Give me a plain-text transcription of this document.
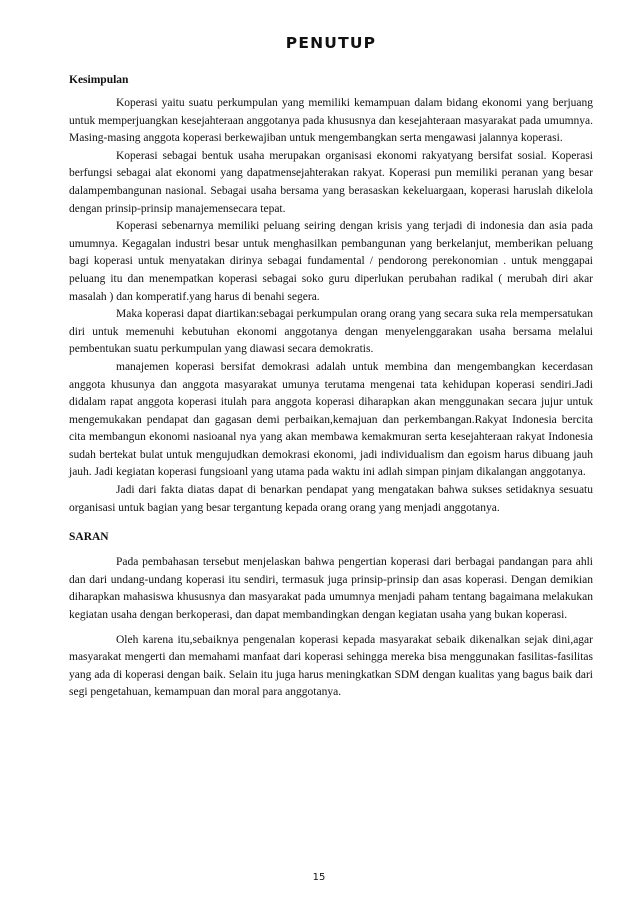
PENUTUP
Kesimpulan

Koperasi yaitu suatu perkumpulan yang memiliki kemampuan dalam bidang ekonomi yang berjuang untuk memperjuangkan kesejahteraan anggotanya pada khususnya dan kesejahteraan masyarakat pada umumnya. Masing-masing anggota koperasi berkewajiban untuk mengembangkan serta mengawasi jalannya koperasi.

Koperasi sebagai bentuk usaha merupakan organisasi ekonomi rakyatyang bersifat sosial. Koperasi berfungsi sebagai alat ekonomi yang dapatmensejahterakan rakyat. Koperasi pun memiliki peranan yang besar dalampembangunan nasional. Sebagai usaha bersama yang berasaskan kekeluargaan, koperasi haruslah dikelola dengan prinsip-prinsip manajemensecara tepat.

Koperasi sebenarnya memiliki peluang seiring dengan krisis yang terjadi di indonesia dan asia pada umumnya. Kegagalan industri besar untuk menghasilkan pembangunan yang berkelanjut, memberikan peluang bagi koperasi untuk menyatakan dirinya sebagai fundamental / pendorong perekonomian . untuk menggapai peluang itu dan menempatkan koperasi sebagai soko guru diperlukan perubahan radikal ( merubah diri akar masalah ) dan komperatif.yang harus di benahi segera.

Maka koperasi dapat diartikan:sebagai perkumpulan orang orang yang secara suka rela mempersatukan diri untuk memenuhi kebutuhan ekonomi anggotanya dengan menyelenggarakan usaha bersama melalui pembentukan suatu perkumpulan yang diawasi secara demokratis.

manajemen koperasi bersifat demokrasi adalah untuk membina dan mengembangkan kecerdasan anggota khusunya dan anggota masyarakat umunya terutama mengenai tata kehidupan koperasi sendiri.Jadi didalam rapat anggota koperasi itulah para anggota koperasi diharapkan akan menggunakan secara jujur untuk mengemukakan pendapat dan gagasan demi perbaikan,kemajuan dan perkembangan.Rakyat Indonesia bercita cita membangun ekonomi nasioanal nya yang akan membawa kemakmuran serta kesejahteraan rakyat Indonesia sudah bertekat bulat untuk mengujudkan demokrasi ekonomi, jadi individualism dan egoism harus dibuang jauh jauh. Jadi kegiatan koperasi fungsioanl yang utama pada waktu ini adlah simpan pinjam dikalangan anggotanya.

Jadi dari fakta diatas dapat di benarkan pendapat yang mengatakan bahwa sukses setidaknya sesuatu organisasi untuk bagian yang besar tergantung kepada orang orang yang menjadi anggotanya.

SARAN

Pada pembahasan tersebut menjelaskan bahwa pengertian koperasi dari berbagai pandangan para ahli dan dari undang-undang koperasi itu sendiri, termasuk juga prinsip-prinsip dan asas koperasi. Dengan demikian diharapkan mahasiswa khususnya dan masyarakat pada umumnya menjadi paham tentang bagaimana melakukan kegiatan usaha dengan berkoperasi, dan dapat membandingkan dengan kegiatan usaha yang bukan koperasi.

Oleh karena itu,sebaiknya pengenalan koperasi kepada masyarakat sebaik dikenalkan sejak dini,agar masyarakat mengerti dan memahami manfaat dari koperasi sehingga mereka bisa menggunakan fasilitas-fasilitas yang ada di koperasi dengan baik. Selain itu juga harus meningkatkan SDM dengan kualitas yang bagus baik dari segi pengetahuan, kemampuan dan moral para anggotanya.

15
